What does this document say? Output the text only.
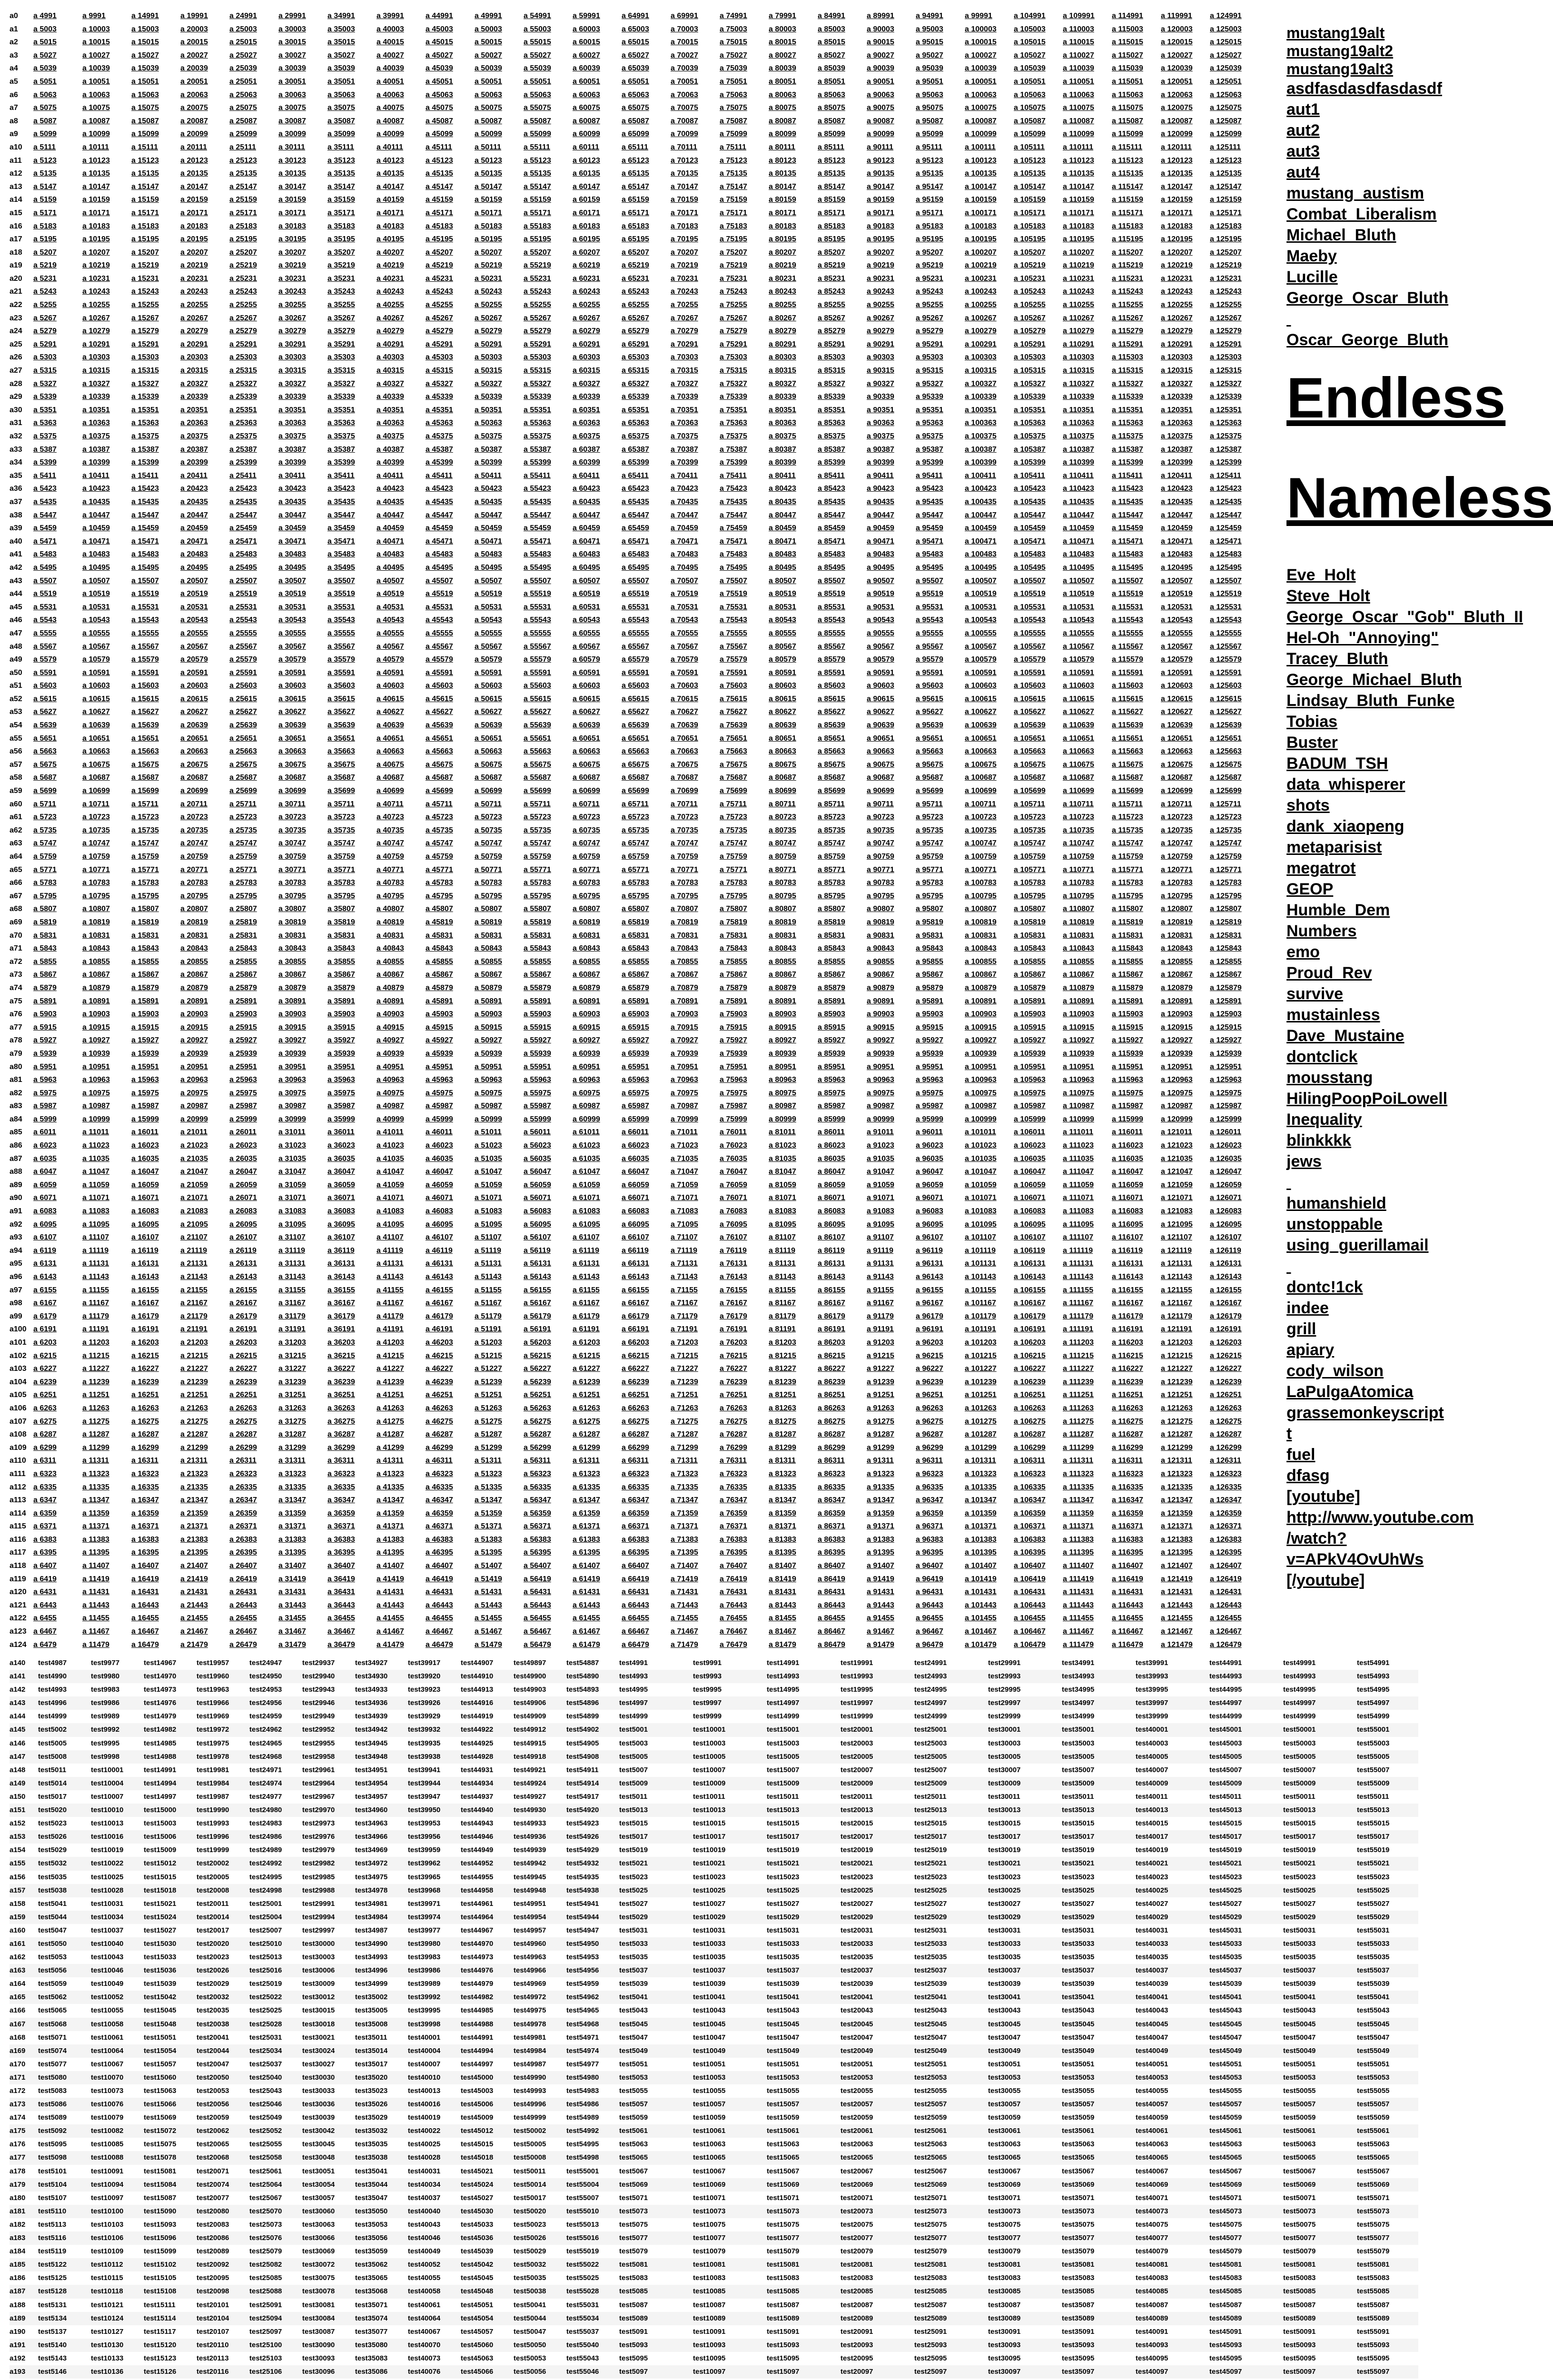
a0 a 4991	a 9991	a 14991	a 19991	a 24991	a 29991	a 34991	a 39991	a 44991	a 49991	a 54991	a 59991	a 64991	a 69991	a 74991	a 79991	a 84991	a 89991	a 94991	a 99991	a 104991 a 109991 a 114991 a 119991 a 124991
a1 a 5003	a 10003	a 15003	a 20003	a 25003	a 30003	a 35003	a 40003	a 45003	a 50003	a 55003	a 60003	a 65003	a 70003	a 75003	a 80003	a 85003	a 90003	a 95003	a 100003 a 105003 a 110003 a 115003 a 120003 a 125003
a2 a 5015	a 10015	a 15015	a 20015	a 25015	a 30015	a 35015	a 40015	a 45015	a 50015	a 55015	a 60015	a 65015	a 70015	a 75015	a 80015	a 85015	a 90015	a 95015	a 100015 a 105015 a 110015 a 115015 a 120015 a 125015
a3 a 5027	a 10027	a 15027	a 20027	a 25027	a 30027	a 35027	a 40027	a 45027	a 50027	a 55027	a 60027	a 65027	a 70027	a 75027	a 80027	a 85027	a 90027	a 95027	a 100027 a 105027 a 110027 a 115027 a 120027 a 125027
a4 a 5039	a 10039	a 15039	a 20039	a 25039	a 30039	a 35039	a 40039	a 45039	a 50039	a 55039	a 60039	a 65039	a 70039	a 75039	a 80039	a 85039	a 90039	a 95039	a 100039 a 105039 a 110039 a 115039 a 120039 a 125039
a5 a 5051	a 10051	a 15051	a 20051	a 25051	a 30051	a 35051	a 40051	a 45051	a 50051	a 55051	a 60051	a 65051	a 70051	a 75051	a 80051	a 85051	a 90051	a 95051	a 100051 a 105051 a 110051 a 115051 a 120051 a 125051
a6 a 5063	a 10063	a 15063	a 20063	a 25063	a 30063	a 35063	a 40063	a 45063	a 50063	a 55063	a 60063	a 65063	a 70063	a 75063	a 80063	a 85063	a 90063	a 95063	a 100063 a 105063 a 110063 a 115063 a 120063 a 125063
a7 a 5075	a 10075	a 15075	a 20075	a 25075	a 30075	a 35075	a 40075	a 45075	a 50075	a 55075	a 60075	a 65075	a 70075	a 75075	a 80075	a 85075	a 90075	a 95075	a 100075 a 105075 a 110075 a 115075 a 120075 a 125075
a8 a 5087	a 10087	a 15087	a 20087	a 25087	a 30087	a 35087	a 40087	a 45087	a 50087	a 55087	a 60087	a 65087	a 70087	a 75087	a 80087	a 85087	a 90087	a 95087	a 100087 a 105087 a 110087 a 115087 a 120087 a 125087
a9 a 5099	a 10099	a 15099	a 20099	a 25099	a 30099	a 35099	a 40099	a 45099	a 50099	a 55099	a 60099	a 65099	a 70099	a 75099	a 80099	a 85099	a 90099	a 95099	a 100099 a 105099 a 110099 a 115099 a 120099 a 125099
a10 a 5111	a 10111	a 15111	a 20111	a 25111	a 30111	a 35111	a 40111	a 45111	a 50111	a 55111	a 60111	a 65111	a 70111	a 75111	a 80111	a 85111	a 90111	a 95111	a 100111 a 105111 a 110111 a 115111 a 120111 a 125111
a11 a 5123	a 10123	a 15123	a 20123	a 25123	a 30123	a 35123	a 40123	a 45123	a 50123	a 55123	a 60123	a 65123	a 70123	a 75123	a 80123	a 85123	a 90123	a 95123	a 100123 a 105123 a 110123 a 115123 a 120123 a 125123
a12 a 5135	a 10135	a 15135	a 20135	a 25135	a 30135	a 35135	a 40135	a 45135	a 50135	a 55135	a 60135	a 65135	a 70135	a 75135	a 80135	a 85135	a 90135	a 95135	a 100135 a 105135 a 110135 a 115135 a 120135 a 125135
a13 a 5147	a 10147	a 15147	a 20147	a 25147	a 30147	a 35147	a 40147	a 45147	a 50147	a 55147	a 60147	a 65147	a 70147	a 75147	a 80147	a 85147	a 90147	a 95147	a 100147 a 105147 a 110147 a 115147 a 120147 a 125147
a14 a 5159	a 10159	a 15159	a 20159	a 25159	a 30159	a 35159	a 40159	a 45159	a 50159	a 55159	a 60159	a 65159	a 70159	a 75159	a 80159	a 85159	a 90159	a 95159	a 100159 a 105159 a 110159 a 115159 a 120159 a 125159
a15 a 5171	a 10171	a 15171	a 20171	a 25171	a 30171	a 35171	a 40171	a 45171	a 50171	a 55171	a 60171	a 65171	a 70171	a 75171	a 80171	a 85171	a 90171	a 95171	a 100171 a 105171 a 110171 a 115171 a 120171 a 125171
a16 a 5183	a 10183	a 15183	a 20183	a 25183	a 30183	a 35183	a 40183	a 45183	a 50183	a 55183	a 60183	a 65183	a 70183	a 75183	a 80183	a 85183	a 90183	a 95183	a 100183 a 105183 a 110183 a 115183 a 120183 a 125183
a17 a 5195	a 10195	a 15195	a 20195	a 25195	a 30195	a 35195	a 40195	a 45195	a 50195	a 55195	a 60195	a 65195	a 70195	a 75195	a 80195	a 85195	a 90195	a 95195	a 100195 a 105195 a 110195 a 115195 a 120195 a 125195
a18 a 5207	a 10207	a 15207	a 20207	a 25207	a 30207	a 35207	a 40207	a 45207	a 50207	a 55207	a 60207	a 65207	a 70207	a 75207	a 80207	a 85207	a 90207	a 95207	a 100207 a 105207 a 110207 a 115207 a 120207 a 125207
a19 a 5219	a 10219	a 15219	a 20219	a 25219	a 30219	a 35219	a 40219	a 45219	a 50219	a 55219	a 60219	a 65219	a 70219	a 75219	a 80219	a 85219	a 90219	a 95219	a 100219 a 105219 a 110219 a 115219 a 120219 a 125219
a20 a 5231	a 10231	a 15231	a 20231	a 25231	a 30231	a 35231	a 40231	a 45231	a 50231	a 55231	a 60231	a 65231	a 70231	a 75231	a 80231	a 85231	a 90231	a 95231	a 100231 a 105231 a 110231 a 115231 a 120231 a 125231
a21 a 5243	a 10243	a 15243	a 20243	a 25243	a 30243	a 35243	a 40243	a 45243	a 50243	a 55243	a 60243	a 65243	a 70243	a 75243	a 80243	a 85243	a 90243	a 95243	a 100243 a 105243 a 110243 a 115243 a 120243 a 125243
a22 a 5255	a 10255	a 15255	a 20255	a 25255	a 30255	a 35255	a 40255	a 45255	a 50255	a 55255	a 60255	a 65255	a 70255	a 75255	a 80255	a 85255	a 90255	a 95255	a 100255 a 105255 a 110255 a 115255 a 120255 a 125255
a23 a 5267	a 10267	a 15267	a 20267	a 25267	a 30267	a 35267	a 40267	a 45267	a 50267	a 55267	a 60267	a 65267	a 70267	a 75267	a 80267	a 85267	a 90267	a 95267	a 100267 a 105267 a 110267 a 115267 a 120267 a 125267
a24 a 5279	a 10279	a 15279	a 20279	a 25279	a 30279	a 35279	a 40279	a 45279	a 50279	a 55279	a 60279	a 65279	a 70279	a 75279	a 80279	a 85279	a 90279	a 95279	a 100279 a 105279 a 110279 a 115279 a 120279 a 125279
a25 a 5291	a 10291	a 15291	a 20291	a 25291	a 30291	a 35291	a 40291	a 45291	a 50291	a 55291	a 60291	a 65291	a 70291	a 75291	a 80291	a 85291	a 90291	a 95291	a 100291 a 105291 a 110291 a 115291 a 120291 a 125291
a26 a 5303	a 10303	a 15303	a 20303	a 25303	a 30303	a 35303	a 40303	a 45303	a 50303	a 55303	a 60303	a 65303	a 70303	a 75303	a 80303	a 85303	a 90303	a 95303	a 100303 a 105303 a 110303 a 115303 a 120303 a 125303
a27 a 5315	a 10315	a 15315	a 20315	a 25315	a 30315	a 35315	a 40315	a 45315	a 50315	a 55315	a 60315	a 65315	a 70315	a 75315	a 80315	a 85315	a 90315	a 95315	a 100315 a 105315 a 110315 a 115315 a 120315 a 125315
a28 a 5327	a 10327	a 15327	a 20327	a 25327	a 30327	a 35327	a 40327	a 45327	a 50327	a 55327	a 60327	a 65327	a 70327	a 75327	a 80327	a 85327	a 90327	a 95327	a 100327 a 105327 a 110327 a 115327 a 120327 a 125327
a29 a 5339	a 10339	a 15339	a 20339	a 25339	a 30339	a 35339	a 40339	a 45339	a 50339	a 55339	a 60339	a 65339	a 70339	a 75339	a 80339	a 85339	a 90339	a 95339	a 100339 a 105339 a 110339 a 115339 a 120339 a 125339
a30 a 5351	a 10351	a 15351	a 20351	a 25351	a 30351	a 35351	a 40351	a 45351	a 50351	a 55351	a 60351	a 65351	a 70351	a 75351	a 80351	a 85351	a 90351	a 95351	a 100351 a 105351 a 110351 a 115351 a 120351 a 125351
a31 a 5363	a 10363	a 15363	a 20363	a 25363	a 30363	a 35363	a 40363	a 45363	a 50363	a 55363	a 60363	a 65363	a 70363	a 75363	a 80363	a 85363	a 90363	a 95363	a 100363 a 105363 a 110363 a 115363 a 120363 a 125363
a32 a 5375	a 10375	a 15375	a 20375	a 25375	a 30375	a 35375	a 40375	a 45375	a 50375	a 55375	a 60375	a 65375	a 70375	a 75375	a 80375	a 85375	a 90375	a 95375	a 100375 a 105375 a 110375 a 115375 a 120375 a 125375
a33 a 5387	a 10387	a 15387	a 20387	a 25387	a 30387	a 35387	a 40387	a 45387	a 50387	a 55387	a 60387	a 65387	a 70387	a 75387	a 80387	a 85387	a 90387	a 95387	a 100387 a 105387 a 110387 a 115387 a 120387 a 125387
a34 a 5399	a 10399	a 15399	a 20399	a 25399	a 30399	a 35399	a 40399	a 45399	a 50399	a 55399	a 60399	a 65399	a 70399	a 75399	a 80399	a 85399	a 90399	a 95399	a 100399 a 105399 a 110399 a 115399 a 120399 a 125399
a35 a 5411	a 10411	a 15411	a 20411	a 25411	a 30411	a 35411	a 40411	a 45411	a 50411	a 55411	a 60411	a 65411	a 70411	a 75411	a 80411	a 85411	a 90411	a 95411	a 100411 a 105411 a 110411 a 115411 a 120411 a 125411
a36 a 5423	a 10423	a 15423	a 20423	a 25423	a 30423	a 35423	a 40423	a 45423	a 50423	a 55423	a 60423	a 65423	a 70423	a 75423	a 80423	a 85423	a 90423	a 95423	a 100423 a 105423 a 110423 a 115423 a 120423 a 125423
a37 a 5435	a 10435	a 15435	a 20435	a 25435	a 30435	a 35435	a 40435	a 45435	a 50435	a 55435	a 60435	a 65435	a 70435	a 75435	a 80435	a 85435	a 90435	a 95435	a 100435 a 105435 a 110435 a 115435 a 120435 a 125435
a38 a 5447	a 10447	a 15447	a 20447	a 25447	a 30447	a 35447	a 40447	a 45447	a 50447	a 55447	a 60447	a 65447	a 70447	a 75447	a 80447	a 85447	a 90447	a 95447	a 100447 a 105447 a 110447 a 115447 a 120447 a 125447
a39 a 5459	a 10459	a 15459	a 20459	a 25459	a 30459	a 35459	a 40459	a 45459	a 50459	a 55459	a 60459	a 65459	a 70459	a 75459	a 80459	a 85459	a 90459	a 95459	a 100459 a 105459 a 110459 a 115459 a 120459 a 125459
a40 a 5471	a 10471	a 15471	a 20471	a 25471	a 30471	a 35471	a 40471	a 45471	a 50471	a 55471	a 60471	a 65471	a 70471	a 75471	a 80471	a 85471	a 90471	a 95471	a 100471 a 105471 a 110471 a 115471 a 120471 a 125471
a41 a 5483	a 10483	a 15483	a 20483	a 25483	a 30483	a 35483	a 40483	a 45483	a 50483	a 55483	a 60483	a 65483	a 70483	a 75483	a 80483	a 85483	a 90483	a 95483	a 100483 a 105483 a 110483 a 115483 a 120483 a 125483
a42 a 5495	a 10495	a 15495	a 20495	a 25495	a 30495	a 35495	a 40495	a 45495	a 50495	a 55495	a 60495	a 65495	a 70495	a 75495	a 80495	a 85495	a 90495	a 95495	a 100495 a 105495 a 110495 a 115495 a 120495 a 125495
a43 a 5507	a 10507	a 15507	a 20507	a 25507	a 30507	a 35507	a 40507	a 45507	a 50507	a 55507	a 60507	a 65507	a 70507	a 75507	a 80507	a 85507	a 90507	a 95507	a 100507 a 105507 a 110507 a 115507 a 120507 a 125507
a44 a 5519	a 10519	a 15519	a 20519	a 25519	a 30519	a 35519	a 40519	a 45519	a 50519	a 55519	a 60519	a 65519	a 70519	a 75519	a 80519	a 85519	a 90519	a 95519	a 100519 a 105519 a 110519 a 115519 a 120519 a 125519
a45 a 5531	a 10531	a 15531	a 20531	a 25531	a 30531	a 35531	a 40531	a 45531	a 50531	a 55531	a 60531	a 65531	a 70531	a 75531	a 80531	a 85531	a 90531	a 95531	a 100531 a 105531 a 110531 a 115531 a 120531 a 125531
a46 a 5543	a 10543	a 15543	a 20543	a 25543	a 30543	a 35543	a 40543	a 45543	a 50543	a 55543	a 60543	a 65543	a 70543	a 75543	a 80543	a 85543	a 90543	a 95543	a 100543 a 105543 a 110543 a 115543 a 120543 a 125543
a47 a 5555	a 10555	a 15555	a 20555	a 25555	a 30555	a 35555	a 40555	a 45555	a 50555	a 55555	a 60555	a 65555	a 70555	a 75555	a 80555	a 85555	a 90555	a 95555	a 100555 a 105555 a 110555 a 115555 a 120555 a 125555
a48 a 5567	a 10567	a 15567	a 20567	a 25567	a 30567	a 35567	a 40567	a 45567	a 50567	a 55567	a 60567	a 65567	a 70567	a 75567	a 80567	a 85567	a 90567	a 95567	a 100567 a 105567 a 110567 a 115567 a 120567 a 125567
a49 a 5579	a 10579	a 15579	a 20579	a 25579	a 30579	a 35579	a 40579	a 45579	a 50579	a 55579	a 60579	a 65579	a 70579	a 75579	a 80579	a 85579	a 90579	a 95579	a 100579 a 105579 a 110579 a 115579 a 120579 a 125579
a50 a 5591	a 10591	a 15591	a 20591	a 25591	a 30591	a 35591	a 40591	a 45591	a 50591	a 55591	a 60591	a 65591	a 70591	a 75591	a 80591	a 85591	a 90591	a 95591	a 100591 a 105591 a 110591 a 115591 a 120591 a 125591
a51 a 5603	a 10603	a 15603	a 20603	a 25603	a 30603	a 35603	a 40603	a 45603	a 50603	a 55603	a 60603	a 65603	a 70603	a 75603	a 80603	a 85603	a 90603	a 95603	a 100603 a 105603 a 110603 a 115603 a 120603 a 125603
a52 a 5615	a 10615	a 15615	a 20615	a 25615	a 30615	a 35615	a 40615	a 45615	a 50615	a 55615	a 60615	a 65615	a 70615	a 75615	a 80615	a 85615	a 90615	a 95615	a 100615 a 105615 a 110615 a 115615 a 120615 a 125615
a53 a 5627	a 10627	a 15627	a 20627	a 25627	a 30627	a 35627	a 40627	a 45627	a 50627	a 55627	a 60627	a 65627	a 70627	a 75627	a 80627	a 85627	a 90627	a 95627	a 100627 a 105627 a 110627 a 115627 a 120627 a 125627
a54 a 5639	a 10639	a 15639	a 20639	a 25639	a 30639	a 35639	a 40639	a 45639	a 50639	a 55639	a 60639	a 65639	a 70639	a 75639	a 80639	a 85639	a 90639	a 95639	a 100639 a 105639 a 110639 a 115639 a 120639 a 125639
a55 a 5651	a 10651	a 15651	a 20651	a 25651	a 30651	a 35651	a 40651	a 45651	a 50651	a 55651	a 60651	a 65651	a 70651	a 75651	a 80651	a 85651	a 90651	a 95651	a 100651 a 105651 a 110651 a 115651 a 120651 a 125651
a56 a 5663	a 10663	a 15663	a 20663	a 25663	a 30663	a 35663	a 40663	a 45663	a 50663	a 55663	a 60663	a 65663	a 70663	a 75663	a 80663	a 85663	a 90663	a 95663	a 100663 a 105663 a 110663 a 115663 a 120663 a 125663
a57 a 5675	a 10675	a 15675	a 20675	a 25675	a 30675	a 35675	a 40675	a 45675	a 50675	a 55675	a 60675	a 65675	a 70675	a 75675	a 80675	a 85675	a 90675	a 95675	a 100675 a 105675 a 110675 a 115675 a 120675 a 125675
a58 a 5687	a 10687	a 15687	a 20687	a 25687	a 30687	a 35687	a 40687	a 45687	a 50687	a 55687	a 60687	a 65687	a 70687	a 75687	a 80687	a 85687	a 90687	a 95687	a 100687 a 105687 a 110687 a 115687 a 120687 a 125687
a59 a 5699	a 10699	a 15699	a 20699	a 25699	a 30699	a 35699	a 40699	a 45699	a 50699	a 55699	a 60699	a 65699	a 70699	a 75699	a 80699	a 85699	a 90699	a 95699	a 100699 a 105699 a 110699 a 115699 a 120699 a 125699
a60 a 5711	a 10711	a 15711	a 20711	a 25711	a 30711	a 35711	a 40711	a 45711	a 50711	a 55711	a 60711	a 65711	a 70711	a 75711	a 80711	a 85711	a 90711	a 95711	a 100711 a 105711 a 110711 a 115711 a 120711 a 125711
a61 a 5723	a 10723	a 15723	a 20723	a 25723	a 30723	a 35723	a 40723	a 45723	a 50723	a 55723	a 60723	a 65723	a 70723	a 75723	a 80723	a 85723	a 90723	a 95723	a 100723 a 105723 a 110723 a 115723 a 120723 a 125723
a62 a 5735	a 10735	a 15735	a 20735	a 25735	a 30735	a 35735	a 40735	a 45735	a 50735	a 55735	a 60735	a 65735	a 70735	a 75735	a 80735	a 85735	a 90735	a 95735	a 100735 a 105735 a 110735 a 115735 a 120735 a 125735
a63 a 5747	a 10747	a 15747	a 20747	a 25747	a 30747	a 35747	a 40747	a 45747	a 50747	a 55747	a 60747	a 65747	a 70747	a 75747	a 80747	a 85747	a 90747	a 95747	a 100747 a 105747 a 110747 a 115747 a 120747 a 125747
a64 a 5759	a 10759	a 15759	a 20759	a 25759	a 30759	a 35759	a 40759	a 45759	a 50759	a 55759	a 60759	a 65759	a 70759	a 75759	a 80759	a 85759	a 90759	a 95759	a 100759 a 105759 a 110759 a 115759 a 120759 a 125759
a65 a 5771	a 10771	a 15771	a 20771	a 25771	a 30771	a 35771	a 40771	a 45771	a 50771	a 55771	a 60771	a 65771	a 70771	a 75771	a 80771	a 85771	a 90771	a 95771	a 100771 a 105771 a 110771 a 115771 a 120771 a 125771
a66 a 5783	a 10783	a 15783	a 20783	a 25783	a 30783	a 35783	a 40783	a 45783	a 50783	a 55783	a 60783	a 65783	a 70783	a 75783	a 80783	a 85783	a 90783	a 95783	a 100783 a 105783 a 110783 a 115783 a 120783 a 125783
a67 a 5795	a 10795	a 15795	a 20795	a 25795	a 30795	a 35795	a 40795	a 45795	a 50795	a 55795	a 60795	a 65795	a 70795	a 75795	a 80795	a 85795	a 90795	a 95795	a 100795 a 105795 a 110795 a 115795 a 120795 a 125795
a68 a 5807	a 10807	a 15807	a 20807	a 25807	a 30807	a 35807	a 40807	a 45807	a 50807	a 55807	a 60807	a 65807	a 70807	a 75807	a 80807	a 85807	a 90807	a 95807	a 100807 a 105807 a 110807 a 115807 a 120807 a 125807
a69 a 5819	a 10819	a 15819	a 20819	a 25819	a 30819	a 35819	a 40819	a 45819	a 50819	a 55819	a 60819	a 65819	a 70819	a 75819	a 80819	a 85819	a 90819	a 95819	a 100819 a 105819 a 110819 a 115819 a 120819 a 125819
a70 a 5831	a 10831	a 15831	a 20831	a 25831	a 30831	a 35831	a 40831	a 45831	a 50831	a 55831	a 60831	a 65831	a 70831	a 75831	a 80831	a 85831	a 90831	a 95831	a 100831 a 105831 a 110831 a 115831 a 120831 a 125831
a71 a 5843	a 10843	a 15843	a 20843	a 25843	a 30843	a 35843	a 40843	a 45843	a 50843	a 55843	a 60843	a 65843	a 70843	a 75843	a 80843	a 85843	a 90843	a 95843	a 100843 a 105843 a 110843 a 115843 a 120843 a 125843
a72 a 5855	a 10855	a 15855	a 20855	a 25855	a 30855	a 35855	a 40855	a 45855	a 50855	a 55855	a 60855	a 65855	a 70855	a 75855	a 80855	a 85855	a 90855	a 95855	a 100855 a 105855 a 110855 a 115855 a 120855 a 125855
a73 a 5867	a 10867	a 15867	a 20867	a 25867	a 30867	a 35867	a 40867	a 45867	a 50867	a 55867	a 60867	a 65867	a 70867	a 75867	a 80867	a 85867	a 90867	a 95867	a 100867 a 105867 a 110867 a 115867 a 120867 a 125867
a74 a 5879	a 10879	a 15879	a 20879	a 25879	a 30879	a 35879	a 40879	a 45879	a 50879	a 55879	a 60879	a 65879	a 70879	a 75879	a 80879	a 85879	a 90879	a 95879	a 100879 a 105879 a 110879 a 115879 a 120879 a 125879
a75 a 5891	a 10891	a 15891	a 20891	a 25891	a 30891	a 35891	a 40891	a 45891	a 50891	a 55891	a 60891	a 65891	a 70891	a 75891	a 80891	a 85891	a 90891	a 95891	a 100891 a 105891 a 110891 a 115891 a 120891 a 125891
a76 a 5903	a 10903	a 15903	a 20903	a 25903	a 30903	a 35903	a 40903	a 45903	a 50903	a 55903	a 60903	a 65903	a 70903	a 75903	a 80903	a 85903	a 90903	a 95903	a 100903 a 105903 a 110903 a 115903 a 120903 a 125903
a77 a 5915	a 10915	a 15915	a 20915	a 25915	a 30915	a 35915	a 40915	a 45915	a 50915	a 55915	a 60915	a 65915	a 70915	a 75915	a 80915	a 85915	a 90915	a 95915	a 100915 a 105915 a 110915 a 115915 a 120915 a 125915
a78 a 5927	a 10927	a 15927	a 20927	a 25927	a 30927	a 35927	a 40927	a 45927	a 50927	a 55927	a 60927	a 65927	a 70927	a 75927	a 80927	a 85927	a 90927	a 95927	a 100927 a 105927 a 110927 a 115927 a 120927 a 125927
a79 a 5939	a 10939	a 15939	a 20939	a 25939	a 30939	a 35939	a 40939	a 45939	a 50939	a 55939	a 60939	a 65939	a 70939	a 75939	a 80939	a 85939	a 90939	a 95939	a 100939 a 105939 a 110939 a 115939 a 120939 a 125939
a80 a 5951	a 10951	a 15951	a 20951	a 25951	a 30951	a 35951	a 40951	a 45951	a 50951	a 55951	a 60951	a 65951	a 70951	a 75951	a 80951	a 85951	a 90951	a 95951	a 100951 a 105951 a 110951 a 115951 a 120951 a 125951
a81 a 5963	a 10963	a 15963	a 20963	a 25963	a 30963	a 35963	a 40963	a 45963	a 50963	a 55963	a 60963	a 65963	a 70963	a 75963	a 80963	a 85963	a 90963	a 95963	a 100963 a 105963 a 110963 a 115963 a 120963 a 125963
a82 a 5975	a 10975	a 15975	a 20975	a 25975	a 30975	a 35975	a 40975	a 45975	a 50975	a 55975	a 60975	a 65975	a 70975	a 75975	a 80975	a 85975	a 90975	a 95975	a 100975 a 105975 a 110975 a 115975 a 120975 a 125975
a83 a 5987	a 10987	a 15987	a 20987	a 25987	a 30987	a 35987	a 40987	a 45987	a 50987	a 55987	a 60987	a 65987	a 70987	a 75987	a 80987	a 85987	a 90987	a 95987	a 100987 a 105987 a 110987 a 115987 a 120987 a 125987
a84 a 5999	a 10999	a 15999	a 20999	a 25999	a 30999	a 35999	a 40999	a 45999	a 50999	a 55999	a 60999	a 65999	a 70999	a 75999	a 80999	a 85999	a 90999	a 95999	a 100999 a 105999 a 110999 a 115999 a 120999 a 125999
a85 a 6011	a 11011	a 16011	a 21011	a 26011	a 31011	a 36011	a 41011	a 46011	a 51011	a 56011	a 61011	a 66011	a 71011	a 76011	a 81011	a 86011	a 91011	a 96011	a 101011 a 106011 a 111011 a 116011 a 121011 a 126011
a86 a 6023	a 11023	a 16023	a 21023	a 26023	a 31023	a 36023	a 41023	a 46023	a 51023	a 56023	a 61023	a 66023	a 71023	a 76023	a 81023	a 86023	a 91023	a 96023	a 101023 a 106023 a 111023 a 116023 a 121023 a 126023
a87 a 6035	a 11035	a 16035	a 21035	a 26035	a 31035	a 36035	a 41035	a 46035	a 51035	a 56035	a 61035	a 66035	a 71035	a 76035	a 81035	a 86035	a 91035	a 96035	a 101035 a 106035 a 111035 a 116035 a 121035 a 126035
a88 a 6047	a 11047	a 16047	a 21047	a 26047	a 31047	a 36047	a 41047	a 46047	a 51047	a 56047	a 61047	a 66047	a 71047	a 76047	a 81047	a 86047	a 91047	a 96047	a 101047 a 106047 a 111047 a 116047 a 121047 a 126047
a89 a 6059	a 11059	a 16059	a 21059	a 26059	a 31059	a 36059	a 41059	a 46059	a 51059	a 56059	a 61059	a 66059	a 71059	a 76059	a 81059	a 86059	a 91059	a 96059	a 101059 a 106059 a 111059 a 116059 a 121059 a 126059
a90 a 6071	a 11071	a 16071	a 21071	a 26071	a 31071	a 36071	a 41071	a 46071	a 51071	a 56071	a 61071	a 66071	a 71071	a 76071	a 81071	a 86071	a 91071	a 96071	a 101071 a 106071 a 111071 a 116071 a 121071 a 126071
a91 a 6083	a 11083	a 16083	a 21083	a 26083	a 31083	a 36083	a 41083	a 46083	a 51083	a 56083	a 61083	a 66083	a 71083	a 76083	a 81083	a 86083	a 91083	a 96083	a 101083 a 106083 a 111083 a 116083 a 121083 a 126083
a92 a 6095	a 11095	a 16095	a 21095	a 26095	a 31095	a 36095	a 41095	a 46095	a 51095	a 56095	a 61095	a 66095	a 71095	a 76095	a 81095	a 86095	a 91095	a 96095	a 101095 a 106095 a 111095 a 116095 a 121095 a 126095
a93 a 6107	a 11107	a 16107	a 21107	a 26107	a 31107	a 36107	a 41107	a 46107	a 51107	a 56107	a 61107	a 66107	a 71107	a 76107	a 81107	a 86107	a 91107	a 96107	a 101107 a 106107 a 111107 a 116107 a 121107 a 126107
a94 a 6119	a 11119	a 16119	a 21119	a 26119	a 31119	a 36119	a 41119	a 46119	a 51119	a 56119	a 61119	a 66119	a 71119	a 76119	a 81119	a 86119	a 91119	a 96119	a 101119 a 106119 a 111119 a 116119 a 121119 a 126119
a95 a 6131	a 11131	a 16131	a 21131	a 26131	a 31131	a 36131	a 41131	a 46131	a 51131	a 56131	a 61131	a 66131	a 71131	a 76131	a 81131	a 86131	a 91131	a 96131	a 101131 a 106131 a 111131 a 116131 a 121131 a 126131
a96 a 6143	a 11143	a 16143	a 21143	a 26143	a 31143	a 36143	a 41143	a 46143	a 51143	a 56143	a 61143	a 66143	a 71143	a 76143	a 81143	a 86143	a 91143	a 96143	a 101143 a 106143 a 111143 a 116143 a 121143 a 126143
a97 a 6155	a 11155	a 16155	a 21155	a 26155	a 31155	a 36155	a 41155	a 46155	a 51155	a 56155	a 61155	a 66155	a 71155	a 76155	a 81155	a 86155	a 91155	a 96155	a 101155 a 106155 a 111155 a 116155 a 121155 a 126155
a98 a 6167	a 11167	a 16167	a 21167	a 26167	a 31167	a 36167	a 41167	a 46167	a 51167	a 56167	a 61167	a 66167	a 71167	a 76167	a 81167	a 86167	a 91167	a 96167	a 101167 a 106167 a 111167 a 116167 a 121167 a 126167
a99 a 6179	a 11179	a 16179	a 21179	a 26179	a 31179	a 36179	a 41179	a 46179	a 51179	a 56179	a 61179	a 66179	a 71179	a 76179	a 81179	a 86179	a 91179	a 96179	a 101179 a 106179 a 111179 a 116179 a 121179 a 126179
a100 a 6191	a 11191	a 16191	a 21191	a 26191	a 31191	a 36191	a 41191	a 46191	a 51191	a 56191	a 61191	a 66191	a 71191	a 76191	a 81191	a 86191	a 91191	a 96191	a 101191 a 106191 a 111191 a 116191 a 121191 a 126191
a101 a 6203	a 11203	a 16203	a 21203	a 26203	a 31203	a 36203	a 41203	a 46203	a 51203	a 56203	a 61203	a 66203	a 71203	a 76203	a 81203	a 86203	a 91203	a 96203	a 101203 a 106203 a 111203 a 116203 a 121203 a 126203
a102 a 6215	a 11215	a 16215	a 21215	a 26215	a 31215	a 36215	a 41215	a 46215	a 51215	a 56215	a 61215	a 66215	a 71215	a 76215	a 81215	a 86215	a 91215	a 96215	a 101215 a 106215 a 111215 a 116215 a 121215 a 126215
a103 a 6227	a 11227	a 16227	a 21227	a 26227	a 31227	a 36227	a 41227	a 46227	a 51227	a 56227	a 61227	a 66227	a 71227	a 76227	a 81227	a 86227	a 91227	a 96227	a 101227 a 106227 a 111227 a 116227 a 121227 a 126227
a104 a 6239	a 11239	a 16239	a 21239	a 26239	a 31239	a 36239	a 41239	a 46239	a 51239	a 56239	a 61239	a 66239	a 71239	a 76239	a 81239	a 86239	a 91239	a 96239	a 101239 a 106239 a 111239 a 116239 a 121239 a 126239
a105 a 6251	a 11251	a 16251	a 21251	a 26251	a 31251	a 36251	a 41251	a 46251	a 51251	a 56251	a 61251	a 66251	a 71251	a 76251	a 81251	a 86251	a 91251	a 96251	a 101251 a 106251 a 111251 a 116251 a 121251 a 126251
a106 a 6263	a 11263	a 16263	a 21263	a 26263	a 31263	a 36263	a 41263	a 46263	a 51263	a 56263	a 61263	a 66263	a 71263	a 76263	a 81263	a 86263	a 91263	a 96263	a 101263 a 106263 a 111263 a 116263 a 121263 a 126263
a107 a 6275	a 11275	a 16275	a 21275	a 26275	a 31275	a 36275	a 41275	a 46275	a 51275	a 56275	a 61275	a 66275	a 71275	a 76275	a 81275	a 86275	a 91275	a 96275	a 101275 a 106275 a 111275 a 116275 a 121275 a 126275
a108 a 6287	a 11287	a 16287	a 21287	a 26287	a 31287	a 36287	a 41287	a 46287	a 51287	a 56287	a 61287	a 66287	a 71287	a 76287	a 81287	a 86287	a 91287	a 96287	a 101287 a 106287 a 111287 a 116287 a 121287 a 126287
a109 a 6299	a 11299	a 16299	a 21299	a 26299	a 31299	a 36299	a 41299	a 46299	a 51299	a 56299	a 61299	a 66299	a 71299	a 76299	a 81299	a 86299	a 91299	a 96299	a 101299 a 106299 a 111299 a 116299 a 121299 a 126299
a110 a 6311	a 11311	a 16311	a 21311	a 26311	a 31311	a 36311	a 41311	a 46311	a 51311	a 56311	a 61311	a 66311	a 71311	a 76311	a 81311	a 86311	a 91311	a 96311	a 101311 a 106311 a 111311 a 116311 a 121311 a 126311
a111 a 6323	a 11323	a 16323	a 21323	a 26323	a 31323	a 36323	a 41323	a 46323	a 51323	a 56323	a 61323	a 66323	a 71323	a 76323	a 81323	a 86323	a 91323	a 96323	a 101323 a 106323 a 111323 a 116323 a 121323 a 126323
a112 a 6335	a 11335	a 16335	a 21335	a 26335	a 31335	a 36335	a 41335	a 46335	a 51335	a 56335	a 61335	a 66335	a 71335	a 76335	a 81335	a 86335	a 91335	a 96335	a 101335 a 106335 a 111335 a 116335 a 121335 a 126335
a113 a 6347	a 11347	a 16347	a 21347	a 26347	a 31347	a 36347	a 41347	a 46347	a 51347	a 56347	a 61347	a 66347	a 71347	a 76347	a 81347	a 86347	a 91347	a 96347	a 101347 a 106347 a 111347 a 116347 a 121347 a 126347
a114 a 6359	a 11359	a 16359	a 21359	a 26359	a 31359	a 36359	a 41359	a 46359	a 51359	a 56359	a 61359	a 66359	a 71359	a 76359	a 81359	a 86359	a 91359	a 96359	a 101359 a 106359 a 111359 a 116359 a 121359 a 126359
a115 a 6371	a 11371	a 16371	a 21371	a 26371	a 31371	a 36371	a 41371	a 46371	a 51371	a 56371	a 61371	a 66371	a 71371	a 76371	a 81371	a 86371	a 91371	a 96371	a 101371 a 106371 a 111371 a 116371 a 121371 a 126371
a116 a 6383	a 11383	a 16383	a 21383	a 26383	a 31383	a 36383	a 41383	a 46383	a 51383	a 56383	a 61383	a 66383	a 71383	a 76383	a 81383	a 86383	a 91383	a 96383	a 101383 a 106383 a 111383 a 116383 a 121383 a 126383
a117 a 6395	a 11395	a 16395	a 21395	a 26395	a 31395	a 36395	a 41395	a 46395	a 51395	a 56395	a 61395	a 66395	a 71395	a 76395	a 81395	a 86395	a 91395	a 96395	a 101395 a 106395 a 111395 a 116395 a 121395 a 126395
a118 a 6407	a 11407	a 16407	a 21407	a 26407	a 31407	a 36407	a 41407	a 46407	a 51407	a 56407	a 61407	a 66407	a 71407	a 76407	a 81407	a 86407	a 91407	a 96407	a 101407 a 106407 a 111407 a 116407 a 121407 a 126407
a119 a 6419	a 11419	a 16419	a 21419	a 26419	a 31419	a 36419	a 41419	a 46419	a 51419	a 56419	a 61419	a 66419	a 71419	a 76419	a 81419	a 86419	a 91419	a 96419	a 101419 a 106419 a 111419 a 116419 a 121419 a 126419
a120 a 6431	a 11431	a 16431	a 21431	a 26431	a 31431	a 36431	a 41431	a 46431	a 51431	a 56431	a 61431	a 66431	a 71431	a 76431	a 81431	a 86431	a 91431	a 96431	a 101431 a 106431 a 111431 a 116431 a 121431 a 126431
a121 a 6443	a 11443	a 16443	a 21443	a 26443	a 31443	a 36443	a 41443	a 46443	a 51443	a 56443	a 61443	a 66443	a 71443	a 76443	a 81443	a 86443	a 91443	a 96443	a 101443 a 106443 a 111443 a 116443 a 121443 a 126443
a122 a 6455	a 11455	a 16455	a 21455	a 26455	a 31455	a 36455	a 41455	a 46455	a 51455	a 56455	a 61455	a 66455	a 71455	a 76455	a 81455	a 86455	a 91455	a 96455	a 101455 a 106455 a 111455 a 116455 a 121455 a 126455
a123 a 6467	a 11467	a 16467	a 21467	a 26467	a 31467	a 36467	a 41467	a 46467	a 51467	a 56467	a 61467	a 66467	a 71467	a 76467	a 81467	a 86467	a 91467	a 96467	a 101467 a 106467 a 111467 a 116467 a 121467 a 126467
a124 a 6479	a 11479	a 16479	a 21479	a 26479	a 31479	a 36479	a 41479	a 46479	a 51479	a 56479	a 61479	a 66479	a 71479	a 76479	a 81479	a 86479	a 91479	a 96479	a 101479 a 106479 a 111479 a 116479 a 121479 a 126479
mustang19alt
mustang19alt2
mustang19alt3
asdfasdasdfasdasdf
aut1
aut2
aut3
aut4
mustang_austism
Combat_Liberalism
Michael_Bluth
Maeby
Lucille
George_Oscar_Bluth

Oscar_George_Bluth
Endless
Nameless
Eve_Holt
Steve_Holt
George_Oscar_"Gob"_Bluth_II
Hel-Oh_"Annoying"
Tracey_Bluth
George_Michael_Bluth
Lindsay_Bluth_Funke
Tobias
Buster
BADUM_TSH
data_whisperer
shots
dank_xiaopeng
metaparisist
megatrot
GEOP
Humble_Dem
Numbers
emo
Proud_Rev
survive
mustainless
Dave_Mustaine
dontclick
mousstang
HilingPoopPoiLowell
Inequality
blinkkkk
jews

humanshield
unstoppable
using_guerillamail

dontc!1ck
indee
grill
apiary
cody_wilson
LaPulgaAtomica
grassemonkeyscript
t
fuel
dfasg
[youtube]
http://www.youtube.com
/watch?
v=APkV4OvUhWs
[/youtube]
a140 test4987	test9977	test14967	test19957	test24947	test29937	test34927	test39917	test44907	test49897	test54887	test4991	test9991	test14991	test19991	test24991	test29991	test34991	test39991	test44991	test49991	test54991
a141 test4990	test9980	test14970	test19960	test24950	test29940	test34930	test39920	test44910	test49900	test54890	test4993	test9993	test14993	test19993	test24993	test29993	test34993	test39993	test44993	test49993	test54993
a142 test4993	test9983	test14973	test19963	test24953	test29943	test34933	test39923	test44913	test49903	test54893	test4995	test9995	test14995	test19995	test24995	test29995	test34995	test39995	test44995	test49995	test54995
a143 test4996	test9986	test14976	test19966	test24956	test29946	test34936	test39926	test44916	test49906	test54896	test4997	test9997	test14997	test19997	test24997	test29997	test34997	test39997	test44997	test49997	test54997
a144 test4999	test9989	test14979	test19969	test24959	test29949	test34939	test39929	test44919	test49909	test54899	test4999	test9999	test14999	test19999	test24999	test29999	test34999	test39999	test44999	test49999	test54999
a145 test5002	test9992	test14982	test19972	test24962	test29952	test34942	test39932	test44922	test49912	test54902	test5001	test10001	test15001	test20001	test25001	test30001	test35001	test40001	test45001	test50001	test55001
a146 test5005	test9995	test14985	test19975	test24965	test29955	test34945	test39935	test44925	test49915	test54905	test5003	test10003	test15003	test20003	test25003	test30003	test35003	test40003	test45003	test50003	test55003
a147 test5008	test9998	test14988	test19978	test24968	test29958	test34948	test39938	test44928	test49918	test54908	test5005	test10005	test15005	test20005	test25005	test30005	test35005	test40005	test45005	test50005	test55005
a148 test5011	test10001	test14991	test19981	test24971	test29961	test34951	test39941	test44931	test49921	test54911	test5007	test10007	test15007	test20007	test25007	test30007	test35007	test40007	test45007	test50007	test55007
a149 test5014	test10004	test14994	test19984	test24974	test29964	test34954	test39944	test44934	test49924	test54914	test5009	test10009	test15009	test20009	test25009	test30009	test35009	test40009	test45009	test50009	test55009
a150 test5017	test10007	test14997	test19987	test24977	test29967	test34957	test39947	test44937	test49927	test54917	test5011	test10011	test15011	test20011	test25011	test30011	test35011	test40011	test45011	test50011	test55011
a151 test5020	test10010	test15000	test19990	test24980	test29970	test34960	test39950	test44940	test49930	test54920	test5013	test10013	test15013	test20013	test25013	test30013	test35013	test40013	test45013	test50013	test55013
a152 test5023	test10013	test15003	test19993	test24983	test29973	test34963	test39953	test44943	test49933	test54923	test5015	test10015	test15015	test20015	test25015	test30015	test35015	test40015	test45015	test50015	test55015
a153 test5026	test10016	test15006	test19996	test24986	test29976	test34966	test39956	test44946	test49936	test54926	test5017	test10017	test15017	test20017	test25017	test30017	test35017	test40017	test45017	test50017	test55017
a154 test5029	test10019	test15009	test19999	test24989	test29979	test34969	test39959	test44949	test49939	test54929	test5019	test10019	test15019	test20019	test25019	test30019	test35019	test40019	test45019	test50019	test55019
a155 test5032	test10022	test15012	test20002	test24992	test29982	test34972	test39962	test44952	test49942	test54932	test5021	test10021	test15021	test20021	test25021	test30021	test35021	test40021	test45021	test50021	test55021
a156 test5035	test10025	test15015	test20005	test24995	test29985	test34975	test39965	test44955	test49945	test54935	test5023	test10023	test15023	test20023	test25023	test30023	test35023	test40023	test45023	test50023	test55023
a157 test5038	test10028	test15018	test20008	test24998	test29988	test34978	test39968	test44958	test49948	test54938	test5025	test10025	test15025	test20025	test25025	test30025	test35025	test40025	test45025	test50025	test55025
a158 test5041	test10031	test15021	test20011	test25001	test29991	test34981	test39971	test44961	test49951	test54941	test5027	test10027	test15027	test20027	test25027	test30027	test35027	test40027	test45027	test50027	test55027
a159 test5044	test10034	test15024	test20014	test25004	test29994	test34984	test39974	test44964	test49954	test54944	test5029	test10029	test15029	test20029	test25029	test30029	test35029	test40029	test45029	test50029	test55029
a160 test5047	test10037	test15027	test20017	test25007	test29997	test34987	test39977	test44967	test49957	test54947	test5031	test10031	test15031	test20031	test25031	test30031	test35031	test40031	test45031	test50031	test55031
a161 test5050	test10040	test15030	test20020	test25010	test30000	test34990	test39980	test44970	test49960	test54950	test5033	test10033	test15033	test20033	test25033	test30033	test35033	test40033	test45033	test50033	test55033
a162 test5053	test10043	test15033	test20023	test25013	test30003	test34993	test39983	test44973	test49963	test54953	test5035	test10035	test15035	test20035	test25035	test30035	test35035	test40035	test45035	test50035	test55035
a163 test5056	test10046	test15036	test20026	test25016	test30006	test34996	test39986	test44976	test49966	test54956	test5037	test10037	test15037	test20037	test25037	test30037	test35037	test40037	test45037	test50037	test55037
a164 test5059	test10049	test15039	test20029	test25019	test30009	test34999	test39989	test44979	test49969	test54959	test5039	test10039	test15039	test20039	test25039	test30039	test35039	test40039	test45039	test50039	test55039
a165 test5062	test10052	test15042	test20032	test25022	test30012	test35002	test39992	test44982	test49972	test54962	test5041	test10041	test15041	test20041	test25041	test30041	test35041	test40041	test45041	test50041	test55041
a166 test5065	test10055	test15045	test20035	test25025	test30015	test35005	test39995	test44985	test49975	test54965	test5043	test10043	test15043	test20043	test25043	test30043	test35043	test40043	test45043	test50043	test55043
a167 test5068	test10058	test15048	test20038	test25028	test30018	test35008	test39998	test44988	test49978	test54968	test5045	test10045	test15045	test20045	test25045	test30045	test35045	test40045	test45045	test50045	test55045
a168 test5071	test10061	test15051	test20041	test25031	test30021	test35011	test40001	test44991	test49981	test54971	test5047	test10047	test15047	test20047	test25047	test30047	test35047	test40047	test45047	test50047	test55047
a169 test5074	test10064	test15054	test20044	test25034	test30024	test35014	test40004	test44994	test49984	test54974	test5049	test10049	test15049	test20049	test25049	test30049	test35049	test40049	test45049	test50049	test55049
a170 test5077	test10067	test15057	test20047	test25037	test30027	test35017	test40007	test44997	test49987	test54977	test5051	test10051	test15051	test20051	test25051	test30051	test35051	test40051	test45051	test50051	test55051
a171 test5080	test10070	test15060	test20050	test25040	test30030	test35020	test40010	test45000	test49990	test54980	test5053	test10053	test15053	test20053	test25053	test30053	test35053	test40053	test45053	test50053	test55053
a172 test5083	test10073	test15063	test20053	test25043	test30033	test35023	test40013	test45003	test49993	test54983	test5055	test10055	test15055	test20055	test25055	test30055	test35055	test40055	test45055	test50055	test55055
a173 test5086	test10076	test15066	test20056	test25046	test30036	test35026	test40016	test45006	test49996	test54986	test5057	test10057	test15057	test20057	test25057	test30057	test35057	test40057	test45057	test50057	test55057
a174 test5089	test10079	test15069	test20059	test25049	test30039	test35029	test40019	test45009	test49999	test54989	test5059	test10059	test15059	test20059	test25059	test30059	test35059	test40059	test45059	test50059	test55059
a175 test5092	test10082	test15072	test20062	test25052	test30042	test35032	test40022	test45012	test50002	test54992	test5061	test10061	test15061	test20061	test25061	test30061	test35061	test40061	test45061	test50061	test55061
a176 test5095	test10085	test15075	test20065	test25055	test30045	test35035	test40025	test45015	test50005	test54995	test5063	test10063	test15063	test20063	test25063	test30063	test35063	test40063	test45063	test50063	test55063
a177 test5098	test10088	test15078	test20068	test25058	test30048	test35038	test40028	test45018	test50008	test54998	test5065	test10065	test15065	test20065	test25065	test30065	test35065	test40065	test45065	test50065	test55065
a178 test5101	test10091	test15081	test20071	test25061	test30051	test35041	test40031	test45021	test50011	test55001	test5067	test10067	test15067	test20067	test25067	test30067	test35067	test40067	test45067	test50067	test55067
a179 test5104	test10094	test15084	test20074	test25064	test30054	test35044	test40034	test45024	test50014	test55004	test5069	test10069	test15069	test20069	test25069	test30069	test35069	test40069	test45069	test50069	test55069
a180 test5107	test10097	test15087	test20077	test25067	test30057	test35047	test40037	test45027	test50017	test55007	test5071	test10071	test15071	test20071	test25071	test30071	test35071	test40071	test45071	test50071	test55071
a181 test5110	test10100	test15090	test20080	test25070	test30060	test35050	test40040	test45030	test50020	test55010	test5073	test10073	test15073	test20073	test25073	test30073	test35073	test40073	test45073	test50073	test55073
a182 test5113	test10103	test15093	test20083	test25073	test30063	test35053	test40043	test45033	test50023	test55013	test5075	test10075	test15075	test20075	test25075	test30075	test35075	test40075	test45075	test50075	test55075
a183 test5116	test10106	test15096	test20086	test25076	test30066	test35056	test40046	test45036	test50026	test55016	test5077	test10077	test15077	test20077	test25077	test30077	test35077	test40077	test45077	test50077	test55077
a184 test5119	test10109	test15099	test20089	test25079	test30069	test35059	test40049	test45039	test50029	test55019	test5079	test10079	test15079	test20079	test25079	test30079	test35079	test40079	test45079	test50079	test55079
a185 test5122	test10112	test15102	test20092	test25082	test30072	test35062	test40052	test45042	test50032	test55022	test5081	test10081	test15081	test20081	test25081	test30081	test35081	test40081	test45081	test50081	test55081
a186 test5125	test10115	test15105	test20095	test25085	test30075	test35065	test40055	test45045	test50035	test55025	test5083	test10083	test15083	test20083	test25083	test30083	test35083	test40083	test45083	test50083	test55083
a187 test5128	test10118	test15108	test20098	test25088	test30078	test35068	test40058	test45048	test50038	test55028	test5085	test10085	test15085	test20085	test25085	test30085	test35085	test40085	test45085	test50085	test55085
a188 test5131	test10121	test15111	test20101	test25091	test30081	test35071	test40061	test45051	test50041	test55031	test5087	test10087	test15087	test20087	test25087	test30087	test35087	test40087	test45087	test50087	test55087
a189 test5134	test10124	test15114	test20104	test25094	test30084	test35074	test40064	test45054	test50044	test55034	test5089	test10089	test15089	test20089	test25089	test30089	test35089	test40089	test45089	test50089	test55089
a190 test5137	test10127	test15117	test20107	test25097	test30087	test35077	test40067	test45057	test50047	test55037	test5091	test10091	test15091	test20091	test25091	test30091	test35091	test40091	test45091	test50091	test55091
a191 test5140	test10130	test15120	test20110	test25100	test30090	test35080	test40070	test45060	test50050	test55040	test5093	test10093	test15093	test20093	test25093	test30093	test35093	test40093	test45093	test50093	test55093
a192 test5143	test10133	test15123	test20113	test25103	test30093	test35083	test40073	test45063	test50053	test55043	test5095	test10095	test15095	test20095	test25095	test30095	test35095	test40095	test45095	test50095	test55095
a193 test5146	test10136	test15126	test20116	test25106	test30096	test35086	test40076	test45066	test50056	test55046	test5097	test10097	test15097	test20097	test25097	test30097	test35097	test40097	test45097	test50097	test55097
